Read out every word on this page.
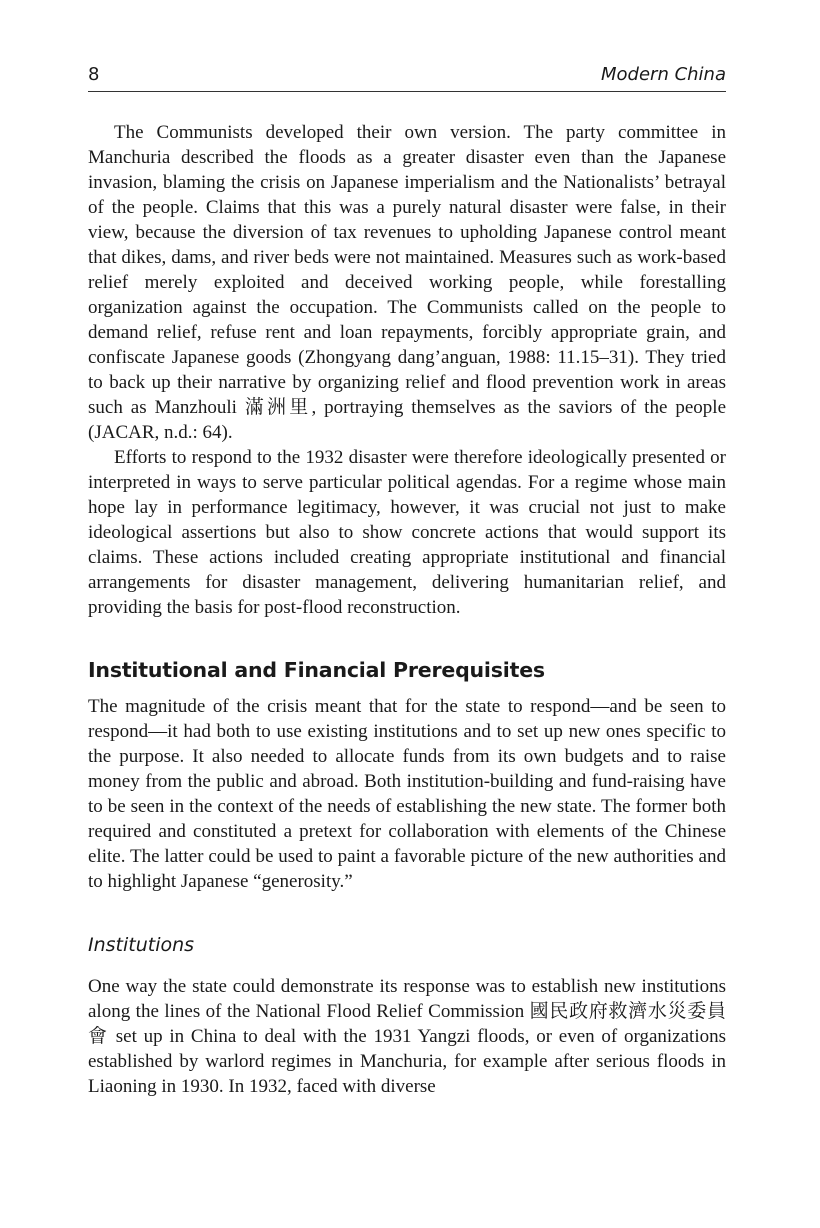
8	Modern China

The Communists developed their own version. The party committee in Manchuria described the floods as a greater disaster even than the Japanese invasion, blaming the crisis on Japanese imperialism and the Nationalists’ betrayal of the people. Claims that this was a purely natural disaster were false, in their view, because the diversion of tax revenues to upholding Japanese control meant that dikes, dams, and river beds were not maintained. Measures such as work-based relief merely exploited and deceived working people, while forestalling organization against the occupation. The Communists called on the people to demand relief, refuse rent and loan repayments, forcibly appropriate grain, and confiscate Japanese goods (Zhongyang dang’anguan, 1988: 11.15–31). They tried to back up their narrative by organizing relief and flood prevention work in areas such as Manzhouli 滿洲里, portraying themselves as the saviors of the people (JACAR, n.d.: 64).

Efforts to respond to the 1932 disaster were therefore ideologically presented or interpreted in ways to serve particular political agendas. For a regime whose main hope lay in performance legitimacy, however, it was crucial not just to make ideological assertions but also to show concrete actions that would support its claims. These actions included creating appropriate institutional and financial arrangements for disaster management, delivering humanitarian relief, and providing the basis for post-flood reconstruction.

Institutional and Financial Prerequisites

The magnitude of the crisis meant that for the state to respond—and be seen to respond—it had both to use existing institutions and to set up new ones specific to the purpose. It also needed to allocate funds from its own budgets and to raise money from the public and abroad. Both institution-building and fund-raising have to be seen in the context of the needs of establishing the new state. The former both required and constituted a pretext for collaboration with elements of the Chinese elite. The latter could be used to paint a favorable picture of the new authorities and to highlight Japanese “generosity.”

Institutions

One way the state could demonstrate its response was to establish new institutions along the lines of the National Flood Relief Commission 國民政府救濟水災委員會 set up in China to deal with the 1931 Yangzi floods, or even of organizations established by warlord regimes in Manchuria, for example after serious floods in Liaoning in 1930. In 1932, faced with diverse
